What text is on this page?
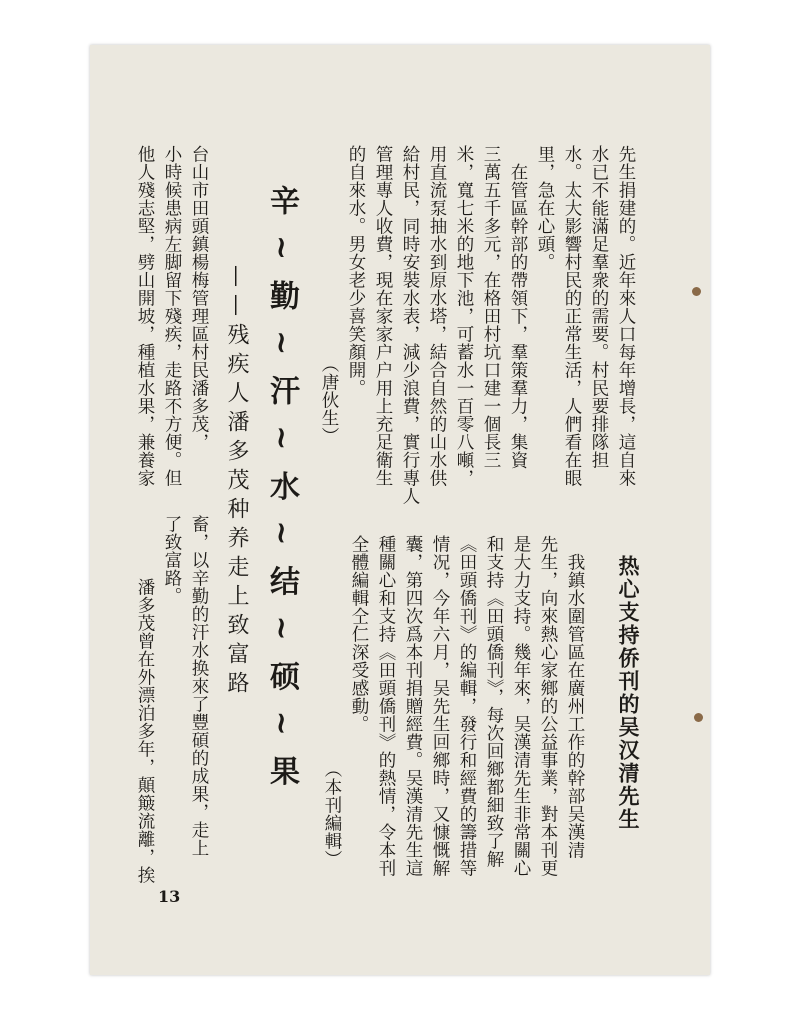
先生捐建的。近年來人口每年增長，這自來
水已不能滿足羣衆的需要。村民要排隊担
水。太大影響村民的正常生活，人們看在眼
里，急在心頭。
　在管區幹部的帶領下，羣策羣力，集資
三萬五千多元，在格田村坑口建一個長三
米，寬七米的地下池，可蓄水一百零八噸，
用直流泵抽水到原水塔，結合自然的山水供
給村民，同時安裝水表，減少浪費，實行專人
管理專人收費，現在家家户户用上充足衛生
的自來水。男女老少喜笑顏開。
（唐伙生）
辛~勤~汗~水~结~硕~果
——残疾人潘多茂种养走上致富路
台山市田頭鎮楊梅管理區村民潘多茂，
小時候患病左脚留下殘疾，走路不方便。但
他人殘志堅，劈山開坡，種植水果，兼養家
畜，以辛勤的汗水换來了豐碩的成果，走上
了致富路。
　潘多茂曾在外漂泊多年，顛簸流離，挨	热心支持侨刊的吴汉清先生
　我鎮水圍管區在廣州工作的幹部吴漢清
先生，向來熱心家鄉的公益事業，對本刊更
是大力支持。幾年來，吴漢清先生非常關心
和支持《田頭僑刊》，每次回鄉都細致了解
《田頭僑刊》的編輯，發行和經費的籌措等
情况，今年六月，吴先生回鄉時，又慷慨解
囊，第四次爲本刊捐贈經費。吴漢清先生這
種關心和支持《田頭僑刊》的熱情，令本刊
全體編輯仝仁深受感動。
（本刊編輯）
13
